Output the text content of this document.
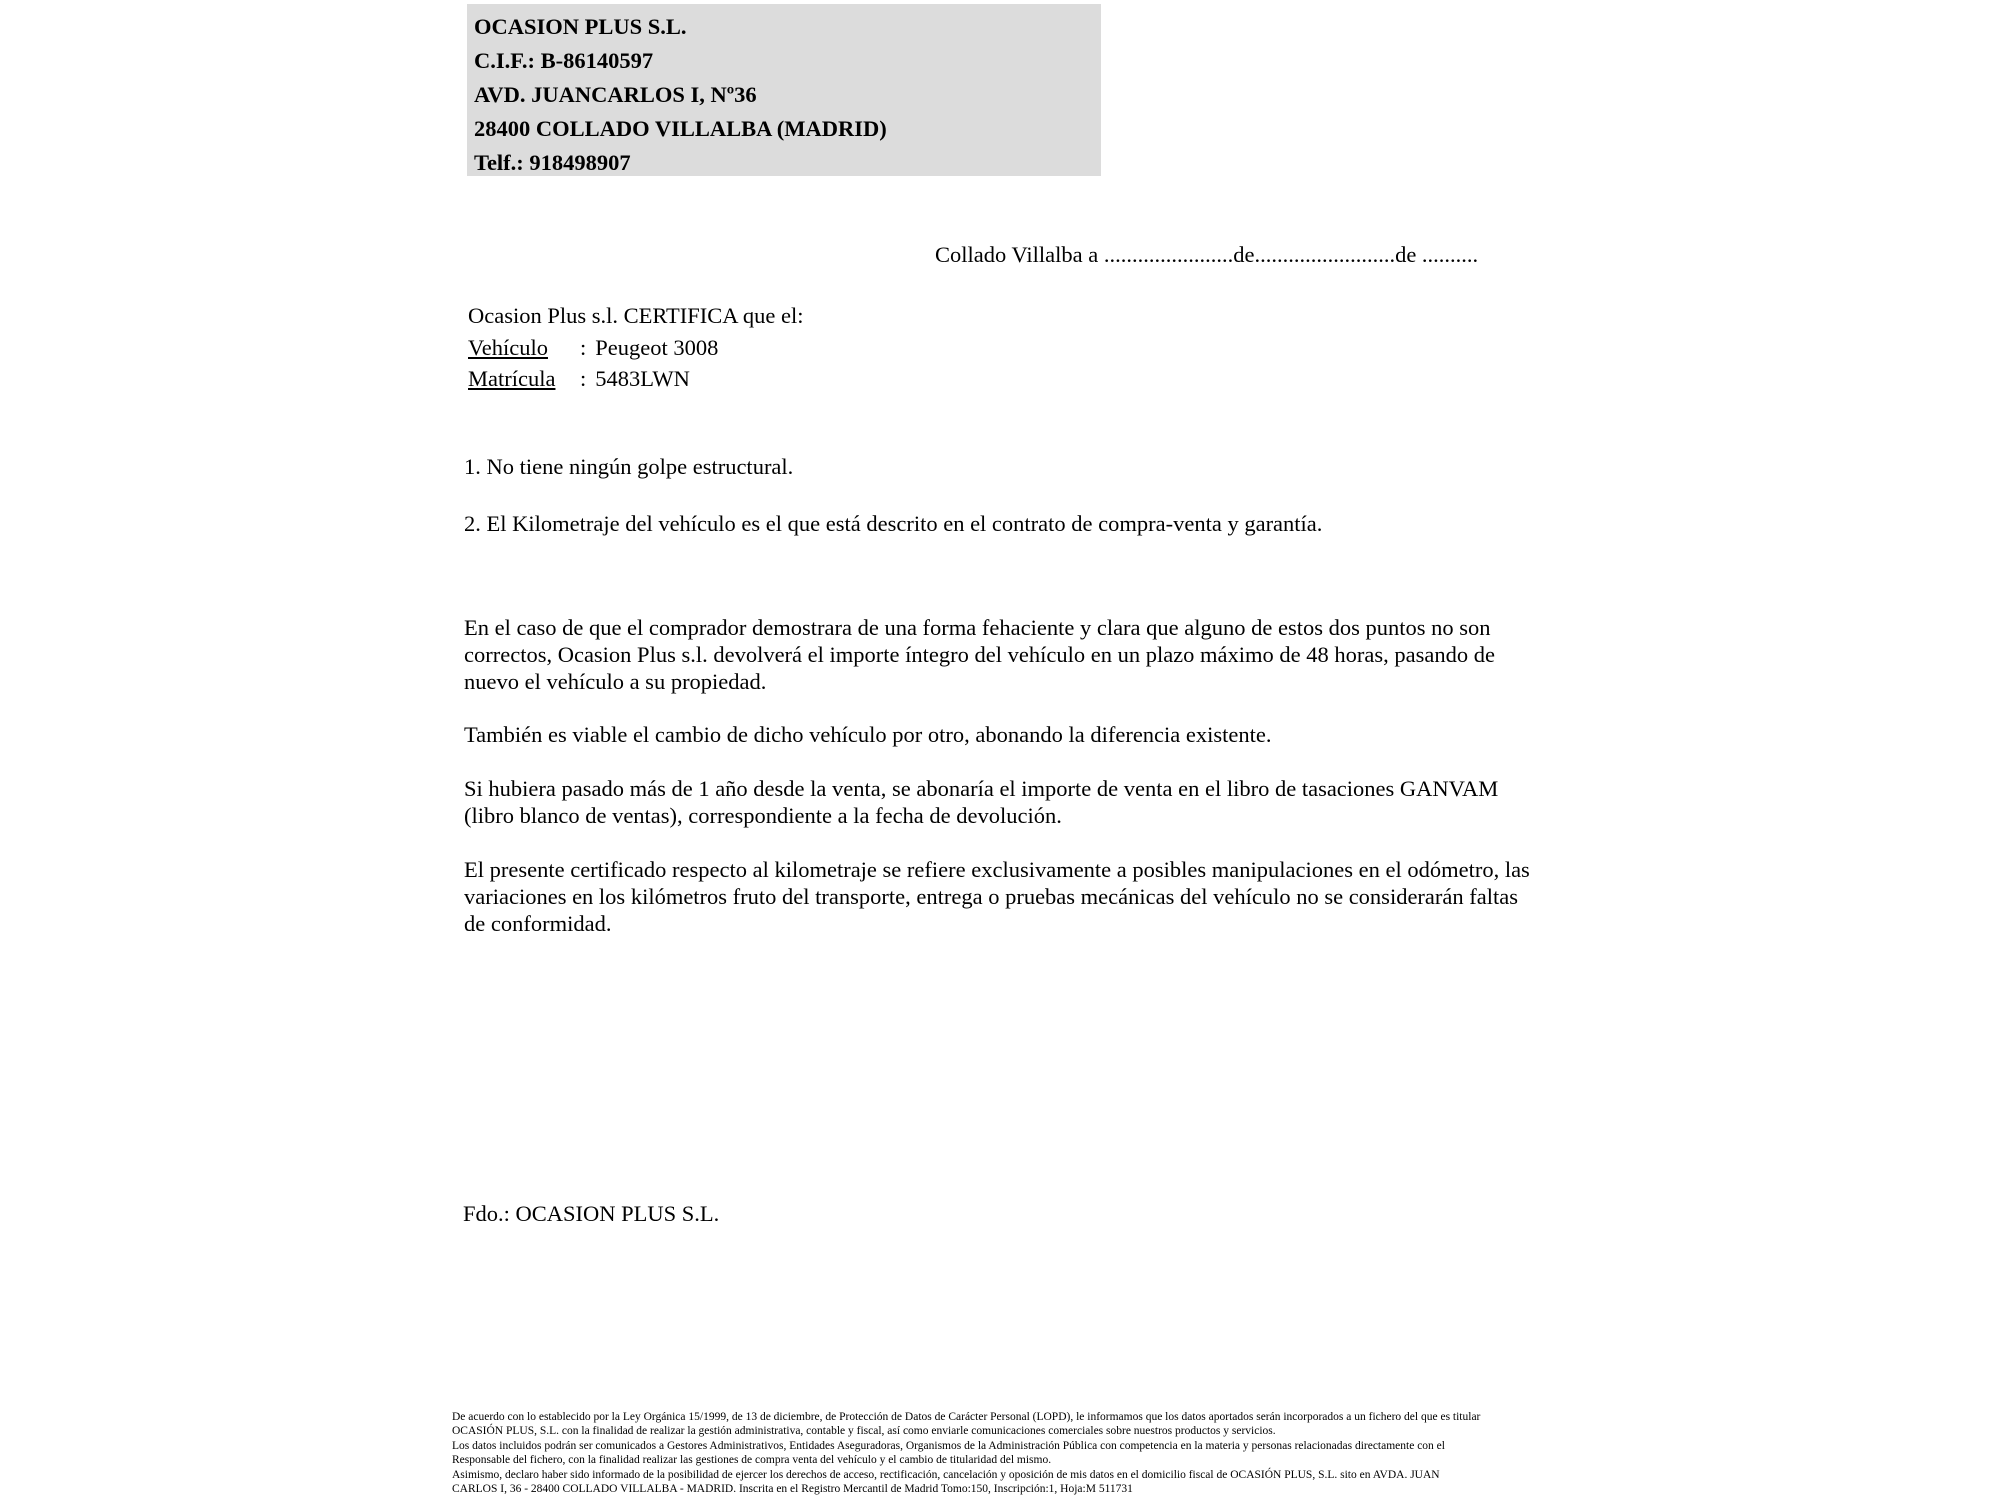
OCASION PLUS S.L.
C.I.F.: B-86140597
AVD. JUANCARLOS I, Nº36
28400 COLLADO VILLALBA (MADRID)
Telf.: 918498907
Collado Villalba a .......................de.........................de ..........
Ocasion Plus s.l. CERTIFICA que el:
Vehículo : Peugeot 3008
Matrícula : 5483LWN
1. No tiene ningún golpe estructural.
2. El Kilometraje del vehículo es el que está descrito en el contrato de compra-venta y garantía.
En el caso de que el comprador demostrara de una forma fehaciente y clara que alguno de estos dos puntos no son correctos, Ocasion Plus s.l. devolverá el importe íntegro del vehículo en un plazo máximo de 48 horas, pasando de nuevo el vehículo a su propiedad.
También es viable el cambio de dicho vehículo por otro, abonando la diferencia existente.
Si hubiera pasado más de 1 año desde la venta, se abonaría el importe de venta en el libro de tasaciones GANVAM (libro blanco de ventas), correspondiente a la fecha de devolución.
El presente certificado respecto al kilometraje se refiere exclusivamente a posibles manipulaciones en el odómetro, las variaciones en los kilómetros fruto del transporte, entrega o pruebas mecánicas del vehículo no se considerarán faltas de conformidad.
Fdo.: OCASION PLUS S.L.
De acuerdo con lo establecido por la Ley Orgánica 15/1999, de 13 de diciembre, de Protección de Datos de Carácter Personal (LOPD), le informamos que los datos aportados serán incorporados a un fichero del que es titular
OCASIÓN PLUS, S.L. con la finalidad de realizar la gestión administrativa, contable y fiscal, así como enviarle comunicaciones comerciales sobre nuestros productos y servicios.
Los datos incluidos podrán ser comunicados a Gestores Administrativos, Entidades Aseguradoras, Organismos de la Administración Pública con competencia en la materia y personas relacionadas directamente con el
Responsable del fichero, con la finalidad realizar las gestiones de compra venta del vehículo y el cambio de titularidad del mismo.
Asimismo, declaro haber sido informado de la posibilidad de ejercer los derechos de acceso, rectificación, cancelación y oposición de mis datos en el domicilio fiscal de OCASIÓN PLUS, S.L. sito en AVDA. JUAN
CARLOS I, 36 - 28400 COLLADO VILLALBA - MADRID. Inscrita en el Registro Mercantil de Madrid Tomo:150, Inscripción:1, Hoja:M 511731
